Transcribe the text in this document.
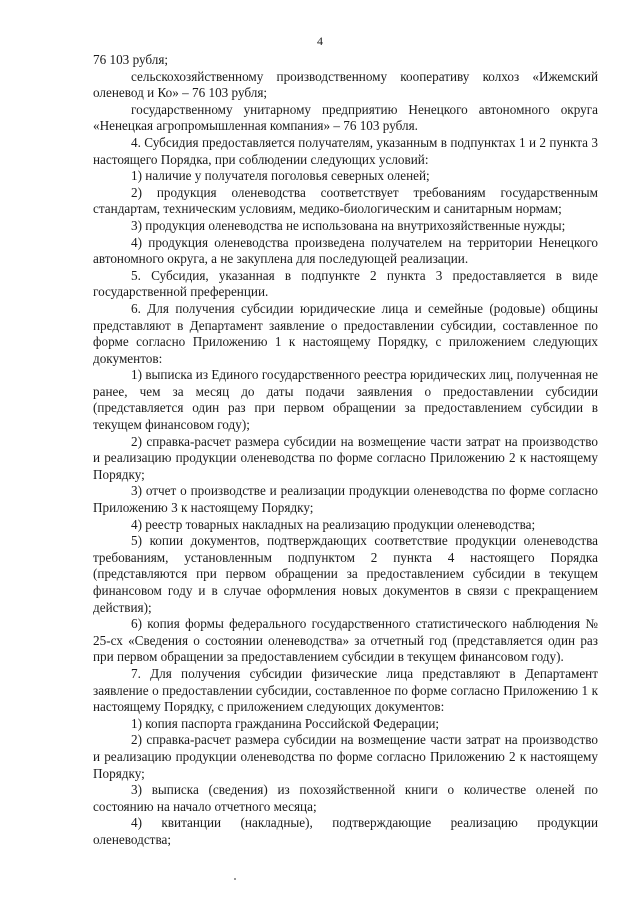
4

76 103 рубля;

сельскохозяйственному производственному кооперативу колхоз «Ижемский оленевод и Ко» – 76 103 рубля;

государственному унитарному предприятию Ненецкого автономного округа «Ненецкая агропромышленная компания» – 76 103 рубля.

4. Субсидия предоставляется получателям, указанным в подпунктах 1 и 2 пункта 3 настоящего Порядка, при соблюдении следующих условий:

1) наличие у получателя поголовья северных оленей;

2) продукция оленеводства соответствует требованиям государственным стандартам, техническим условиям, медико-биологическим и санитарным нормам;

3) продукция оленеводства не использована на внутрихозяйственные нужды;

4) продукция оленеводства произведена получателем на территории Ненецкого автономного округа, а не закуплена для последующей реализации.

5. Субсидия, указанная в подпункте 2 пункта 3 предоставляется в виде государственной преференции.

6. Для получения субсидии юридические лица и семейные (родовые) общины представляют в Департамент заявление о предоставлении субсидии, составленное по форме согласно Приложению 1 к настоящему Порядку, с приложением следующих документов:

1) выписка из Единого государственного реестра юридических лиц, полученная не ранее, чем за месяц до даты подачи заявления о предоставлении субсидии (представляется один раз при первом обращении за предоставлением субсидии в текущем финансовом году);

2) справка-расчет размера субсидии на возмещение части затрат на производство и реализацию продукции оленеводства по форме согласно Приложению 2 к настоящему Порядку;

3) отчет о производстве и реализации продукции оленеводства по форме согласно Приложению 3 к настоящему Порядку;

4) реестр товарных накладных на реализацию продукции оленеводства;

5) копии документов, подтверждающих соответствие продукции оленеводства требованиям, установленным подпунктом 2 пункта 4 настоящего Порядка (представляются при первом обращении за предоставлением субсидии в текущем финансовом году и в случае оформления новых документов в связи с прекращением действия);

6) копия формы федерального государственного статистического наблюдения № 25-сх «Сведения о состоянии оленеводства» за отчетный год (представляется один раз при первом обращении за предоставлением субсидии в текущем финансовом году).

7. Для получения субсидии физические лица представляют в Департамент заявление о предоставлении субсидии, составленное по форме согласно Приложению 1 к настоящему Порядку, с приложением следующих документов:

1) копия паспорта гражданина Российской Федерации;

2) справка-расчет размера субсидии на возмещение части затрат на производство и реализацию продукции оленеводства по форме согласно Приложению 2 к настоящему Порядку;

3) выписка (сведения) из похозяйственной книги о количестве оленей по состоянию на начало отчетного месяца;

4) квитанции (накладные), подтверждающие реализацию продукции оленеводства;
